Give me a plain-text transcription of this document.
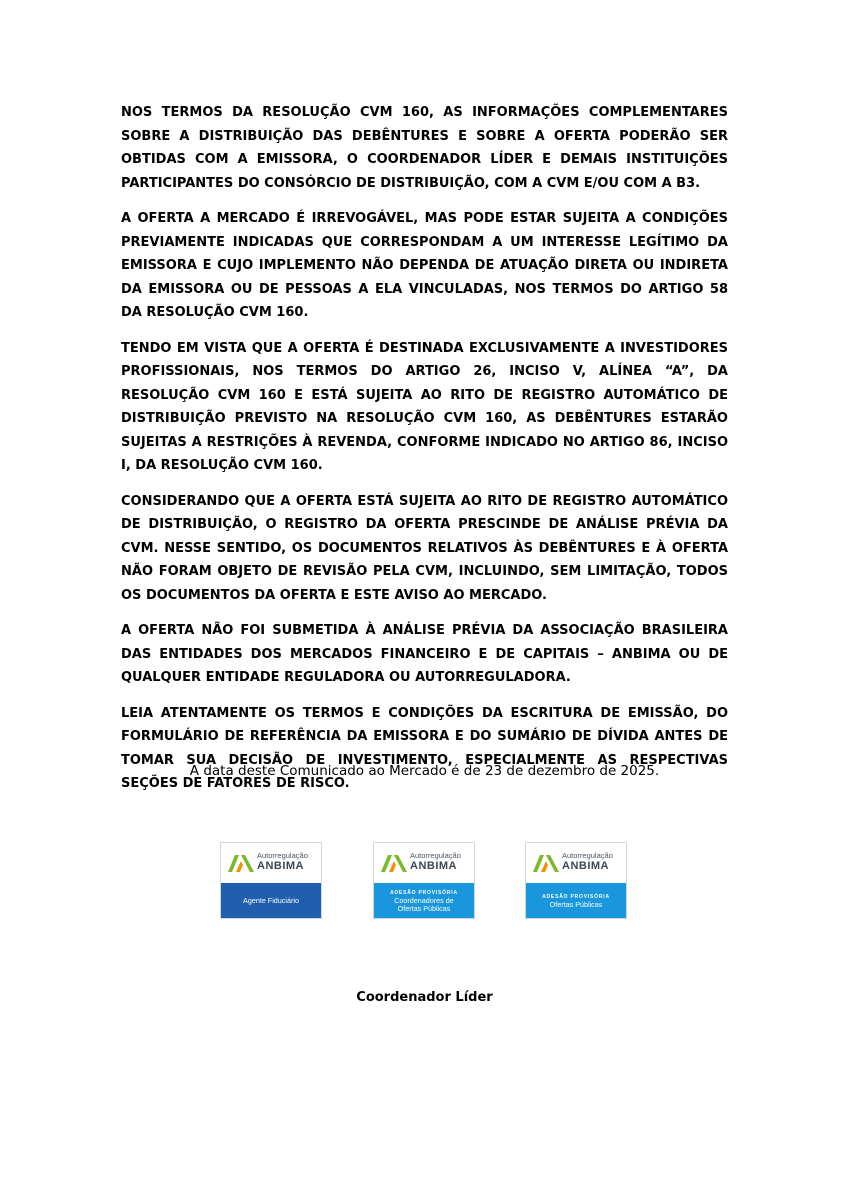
NOS TERMOS DA RESOLUÇÃO CVM 160, AS INFORMAÇÕES COMPLEMENTARES SOBRE A DISTRIBUIÇÃO DAS DEBÊNTURES E SOBRE A OFERTA PODERÃO SER OBTIDAS COM A EMISSORA, O COORDENADOR LÍDER E DEMAIS INSTITUIÇÕES PARTICIPANTES DO CONSÓRCIO DE DISTRIBUIÇÃO, COM A CVM E/OU COM A B3.

A OFERTA A MERCADO É IRREVOGÁVEL, MAS PODE ESTAR SUJEITA A CONDIÇÕES PREVIAMENTE INDICADAS QUE CORRESPONDAM A UM INTERESSE LEGÍTIMO DA EMISSORA E CUJO IMPLEMENTO NÃO DEPENDA DE ATUAÇÃO DIRETA OU INDIRETA DA EMISSORA OU DE PESSOAS A ELA VINCULADAS, NOS TERMOS DO ARTIGO 58 DA RESOLUÇÃO CVM 160.

TENDO EM VISTA QUE A OFERTA É DESTINADA EXCLUSIVAMENTE A INVESTIDORES PROFISSIONAIS, NOS TERMOS DO ARTIGO 26, INCISO V, ALÍNEA “A”, DA RESOLUÇÃO CVM 160 E ESTÁ SUJEITA AO RITO DE REGISTRO AUTOMÁTICO DE DISTRIBUIÇÃO PREVISTO NA RESOLUÇÃO CVM 160, AS DEBÊNTURES ESTARÃO SUJEITAS A RESTRIÇÕES À REVENDA, CONFORME INDICADO NO ARTIGO 86, INCISO I, DA RESOLUÇÃO CVM 160.

CONSIDERANDO QUE A OFERTA ESTÁ SUJEITA AO RITO DE REGISTRO AUTOMÁTICO DE DISTRIBUIÇÃO, O REGISTRO DA OFERTA PRESCINDE DE ANÁLISE PRÉVIA DA CVM. NESSE SENTIDO, OS DOCUMENTOS RELATIVOS ÀS DEBÊNTURES E À OFERTA NÃO FORAM OBJETO DE REVISÃO PELA CVM, INCLUINDO, SEM LIMITAÇÃO, TODOS OS DOCUMENTOS DA OFERTA E ESTE AVISO AO MERCADO.

A OFERTA NÃO FOI SUBMETIDA À ANÁLISE PRÉVIA DA ASSOCIAÇÃO BRASILEIRA DAS ENTIDADES DOS MERCADOS FINANCEIRO E DE CAPITAIS – ANBIMA OU DE QUALQUER ENTIDADE REGULADORA OU AUTORREGULADORA.

LEIA ATENTAMENTE OS TERMOS E CONDIÇÕES DA ESCRITURA DE EMISSÃO, DO FORMULÁRIO DE REFERÊNCIA DA EMISSORA E DO SUMÁRIO DE DÍVIDA ANTES DE TOMAR SUA DECISÃO DE INVESTIMENTO, ESPECIALMENTE AS RESPECTIVAS SEÇÕES DE FATORES DE RISCO.

A data deste Comunicado ao Mercado é de 23 de dezembro de 2025.
Autorregulação
ANBIMA
Agente Fiduciário
Autorregulação
ANBIMA
ADESÃO PROVISÓRIA
Coordenadores de
Ofertas Públicas
Autorregulação
ANBIMA
ADESÃO PROVISÓRIA
Ofertas Públicas
Coordenador Líder
